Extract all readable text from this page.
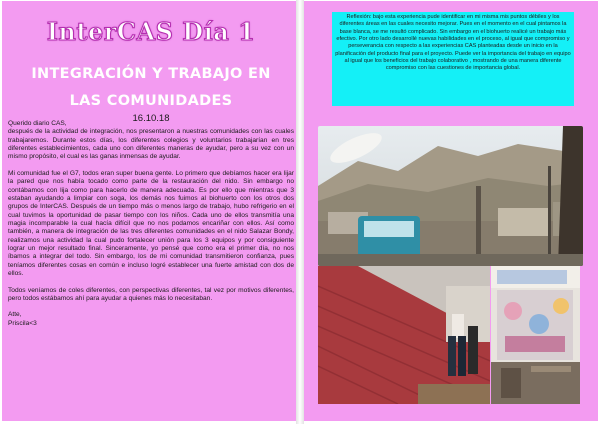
InterCAS Día 1
INTEGRACIÓN Y TRABAJO EN
LAS COMUNIDADES
16.10.18

Querido diario CAS,

después de la actividad de integración, nos presentaron a nuestras comunidades con las cuales trabajaremos. Durante estos días, los diferentes colegios y voluntarios trabajarían en tres diferentes establecimientos, cada uno con diferentes maneras de ayudar, pero a su vez con un mismo propósito, el cual es las ganas inmensas de ayudar.

Mi comunidad fue el G7, todos eran super buena gente. Lo primero que debíamos hacer era lijar la pared que nos había tocado como parte de la restauración del nido. Sin embargo no contábamos con lija como para hacerlo de manera adecuada. Es por ello que mientras que 3 estaban ayudando a limpiar con soga, los demás nos fuimos al biohuerto con los otros dos grupos de InterCAS. Después de un tiempo más o menos largo de trabajo, hubo refrigerio en el cual tuvimos la oportunidad de pasar tiempo con los niños. Cada uno de ellos transmitía una magia incomparable la cual hacía difícil que no nos podamos encariñar con ellos. Así como también, a manera de integración de las tres diferentes comunidades en el nido Salazar Bondy, realizamos una actividad la cual pudo fortalecer unión para los 3 equipos y por consiguiente lograr un mejor resultado final. Sinceramente, yo pensé que como era el primer día, no nos íbamos a integrar del todo. Sin embargo, los de mi comunidad transmitieron confianza, pues teníamos diferentes cosas en común e incluso logré establecer una fuerte amistad con dos de ellos.

Todos veníamos de coles diferentes, con perspectivas diferentes, tal vez por motivos diferentes, pero todos estábamos ahí para ayudar a quienes más lo necesitaban.

Atte,

Priscila<3

Reflexión: bajo esta experiencia pude identificar en mi misma mis puntos débiles y los diferentes áreas en las cuales necesito mejorar. Pues en el momento en el cual pintamos la base blanca, se me resultó complicado. Sin embargo en el biohuerto realicé un trabajo más efectivo. Por otro lado desarrollé nuevas habilidades en el proceso, al igual que compromiso y perseverancia con respecto a las experiencias CAS planteadas desde un inicio en la planificación del producto final para el proyecto. Puede ver la importancia del trabajo en equipo al igual que los beneficios del trabajo colaborativo , mostrando de una manera diferente compromiso con las cuestiones de importancia global.
